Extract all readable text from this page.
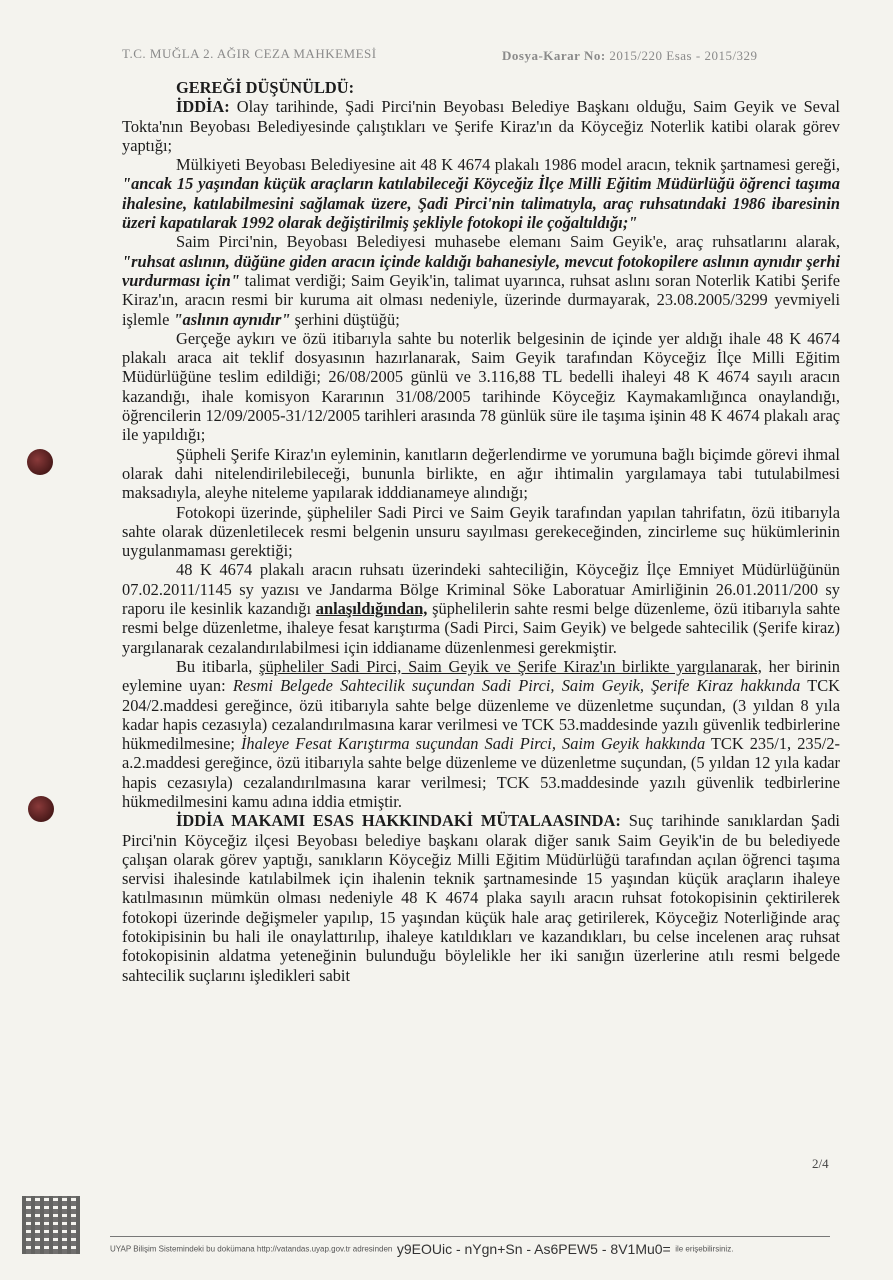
T.C. MUĞLA 2. AĞIR CEZA MAHKEMESİ	Dosya-Karar No: 2015/220 Esas - 2015/329

GEREĞİ DÜŞÜNÜLDÜ:

İDDİA: Olay tarihinde, Şadi Pirci'nin Beyobası Belediye Başkanı olduğu, Saim Geyik ve Seval Tokta'nın Beyobası Belediyesinde çalıştıkları ve Şerife Kiraz'ın da Köyceğiz Noterlik katibi olarak görev yaptığı;

Mülkiyeti Beyobası Belediyesine ait 48 K 4674 plakalı 1986 model aracın, teknik şartnamesi gereği, "ancak 15 yaşından küçük araçların katılabileceği Köyceğiz İlçe Milli Eğitim Müdürlüğü öğrenci taşıma ihalesine, katılabilmesini sağlamak üzere, Şadi Pirci'nin talimatıyla, araç ruhsatındaki 1986 ibaresinin üzeri kapatılarak 1992 olarak değiştirilmiş şekliyle fotokopi ile çoğaltıldığı;"

Saim Pirci'nin, Beyobası Belediyesi muhasebe elemanı Saim Geyik'e, araç ruhsatlarını alarak, "ruhsat aslının, düğüne giden aracın içinde kaldığı bahanesiyle, mevcut fotokopilere aslının aynıdır şerhi vurdurması için" talimat verdiği; Saim Geyik'in, talimat uyarınca, ruhsat aslını soran Noterlik Katibi Şerife Kiraz'ın, aracın resmi bir kuruma ait olması nedeniyle, üzerinde durmayarak, 23.08.2005/3299 yevmiyeli işlemle "aslının aynıdır" şerhini düştüğü;

Gerçeğe aykırı ve özü itibarıyla sahte bu noterlik belgesinin de içinde yer aldığı ihale 48 K 4674 plakalı araca ait teklif dosyasının hazırlanarak, Saim Geyik tarafından Köyceğiz İlçe Milli Eğitim Müdürlüğüne teslim edildiği; 26/08/2005 günlü ve 3.116,88 TL bedelli ihaleyi 48 K 4674 sayılı aracın kazandığı, ihale komisyon Kararının 31/08/2005 tarihinde Köyceğiz Kaymakamlığınca onaylandığı, öğrencilerin 12/09/2005-31/12/2005 tarihleri arasında 78 günlük süre ile taşıma işinin 48 K 4674 plakalı araç ile yapıldığı;

Şüpheli Şerife Kiraz'ın eyleminin, kanıtların değerlendirme ve yorumuna bağlı biçimde görevi ihmal olarak dahi nitelendirilebileceği, bununla birlikte, en ağır ihtimalin yargılamaya tabi tutulabilmesi maksadıyla, aleyhe niteleme yapılarak idddianameye alındığı;

Fotokopi üzerinde, şüpheliler Sadi Pirci ve Saim Geyik tarafından yapılan tahrifatın, özü itibarıyla sahte olarak düzenletilecek resmi belgenin unsuru sayılması gerekeceğinden, zincirleme suç hükümlerinin uygulanmaması gerektiği;

48 K 4674 plakalı aracın ruhsatı üzerindeki sahteciliğin, Köyceğiz İlçe Emniyet Müdürlüğünün 07.02.2011/1145 sy yazısı ve Jandarma Bölge Kriminal Söke Laboratuar Amirliğinin 26.01.2011/200 sy raporu ile kesinlik kazandığı anlaşıldığından, şüphelilerin sahte resmi belge düzenleme, özü itibarıyla sahte resmi belge düzenletme, ihaleye fesat karıştırma (Sadi Pirci, Saim Geyik) ve belgede sahtecilik (Şerife kiraz) yargılanarak cezalandırılabilmesi için iddianame düzenlenmesi gerekmiştir.

Bu itibarla, şüpheliler Sadi Pirci, Saim Geyik ve Şerife Kiraz'ın birlikte yargılanarak, her birinin eylemine uyan: Resmi Belgede Sahtecilik suçundan Sadi Pirci, Saim Geyik, Şerife Kiraz hakkında TCK 204/2.maddesi gereğince, özü itibarıyla sahte belge düzenleme ve düzenletme suçundan, (3 yıldan 8 yıla kadar hapis cezasıyla) cezalandırılmasına karar verilmesi ve TCK 53.maddesinde yazılı güvenlik tedbirlerine hükmedilmesine; İhaleye Fesat Karıştırma suçundan Sadi Pirci, Saim Geyik hakkında TCK 235/1, 235/2-a.2.maddesi gereğince, özü itibarıyla sahte belge düzenleme ve düzenletme suçundan, (5 yıldan 12 yıla kadar hapis cezasıyla) cezalandırılmasına karar verilmesi; TCK 53.maddesinde yazılı güvenlik tedbirlerine hükmedilmesini kamu adına iddia etmiştir.

İDDİA MAKAMI ESAS HAKKINDAKİ MÜTALAASINDA: Suç tarihinde sanıklardan Şadi Pirci'nin Köyceğiz ilçesi Beyobası belediye başkanı olarak diğer sanık Saim Geyik'in de bu belediyede çalışan olarak görev yaptığı, sanıkların Köyceğiz Milli Eğitim Müdürlüğü tarafından açılan öğrenci taşıma servisi ihalesinde katılabilmek için ihalenin teknik şartnamesinde 15 yaşından küçük araçların ihaleye katılmasının mümkün olması nedeniyle 48 K 4674 plaka sayılı aracın ruhsat fotokopisinin çektirilerek fotokopi üzerinde değişmeler yapılıp, 15 yaşından küçük hale araç getirilerek, Köyceğiz Noterliğinde araç fotokipisinin bu hali ile onaylattırılıp, ihaleye katıldıkları ve kazandıkları, bu celse incelenen araç ruhsat fotokopisinin aldatma yeteneğinin bulunduğu böylelikle her iki sanığın üzerlerine atılı resmi belgede sahtecilik suçlarını işledikleri sabit

2/4
UYAP Bilişim Sistemindeki bu dokümana http://vatandas.uyap.gov.tr adresinden y9EOUic - nYgn+Sn - As6PEW5 - 8V1Mu0= ile erişebilirsiniz.
